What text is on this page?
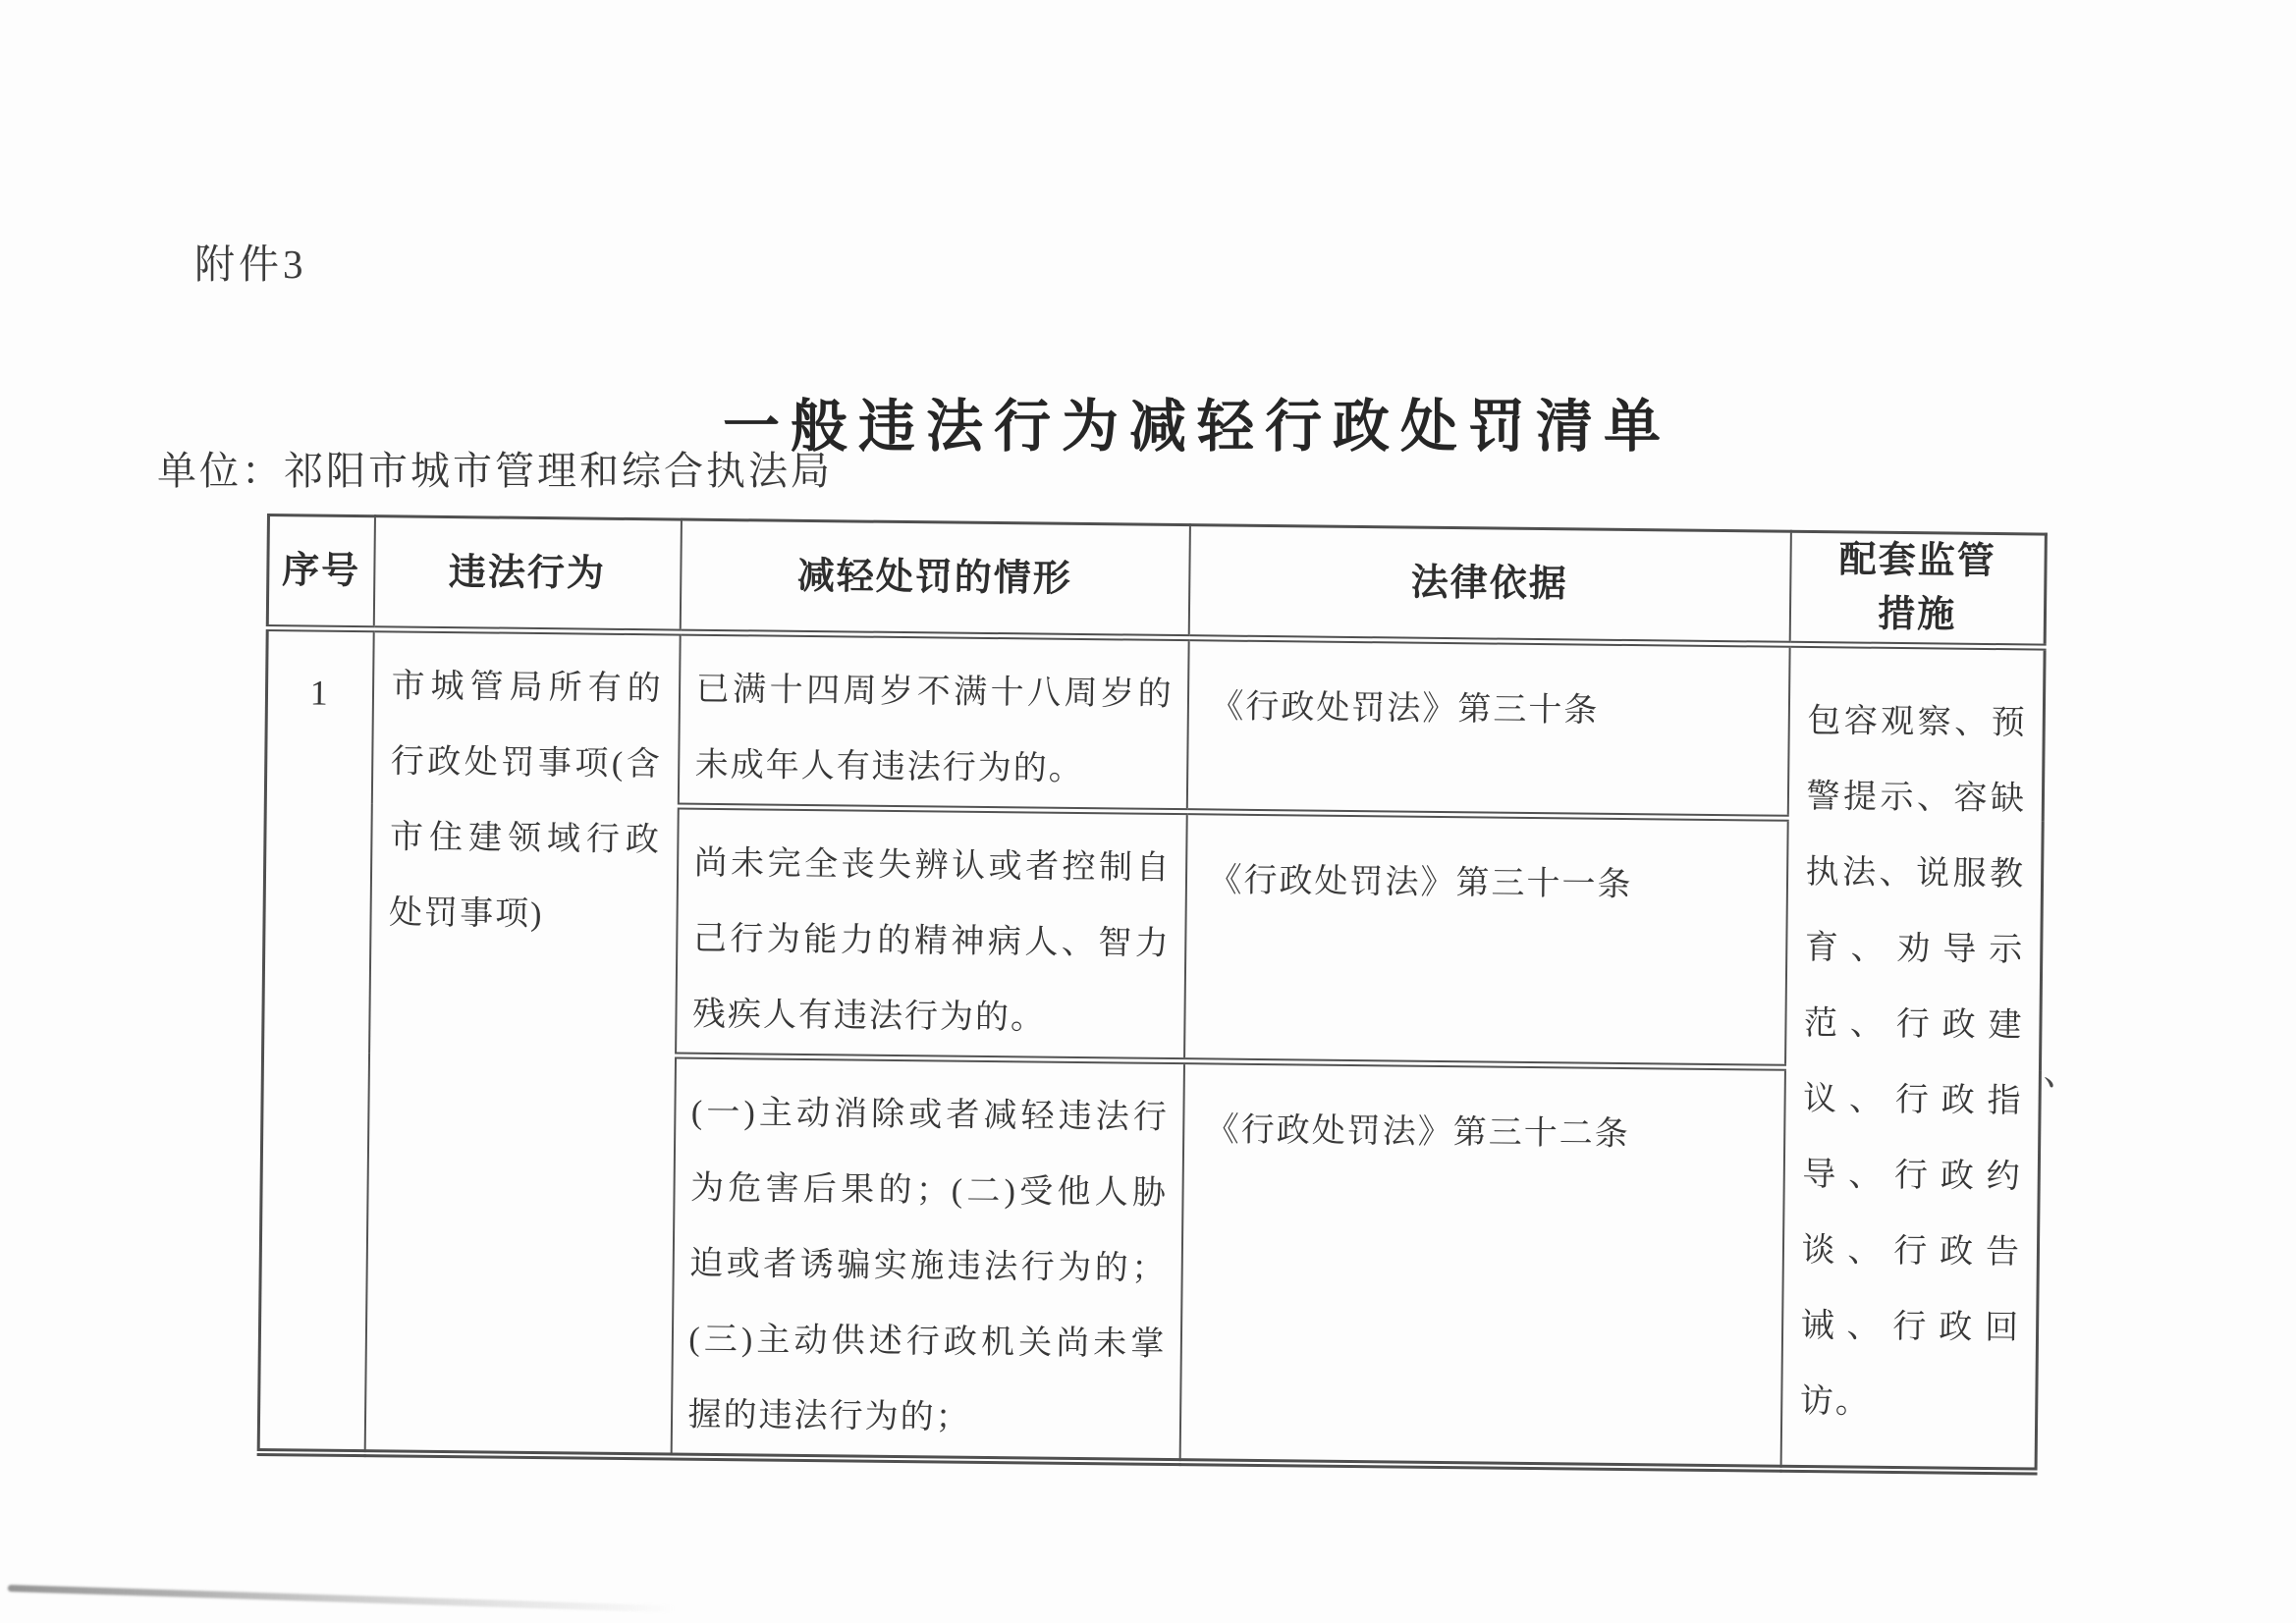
附件3
一般违法行为减轻行政处罚清单
单位：祁阳市城市管理和综合执法局
序号	违法行为	减轻处罚的情形	法律依据	配套监管措施
1	市城管局所有的行政处罚事项(含市住建领域行政处罚事项)	已满十四周岁不满十八周岁的未成年人有违法行为的。	《行政处罚法》第三十条	包容观察、预警提示、容缺执法、说服教育、劝导示范、行政建议、行政指导、行政约谈、行政告诫、行政回访。
		尚未完全丧失辨认或者控制自己行为能力的精神病人、智力残疾人有违法行为的。	《行政处罚法》第三十一条	
		(一)主动消除或者减轻违法行为危害后果的；(二)受他人胁迫或者诱骗实施违法行为的；(三)主动供述行政机关尚未掌握的违法行为的；	《行政处罚法》第三十二条	
、
